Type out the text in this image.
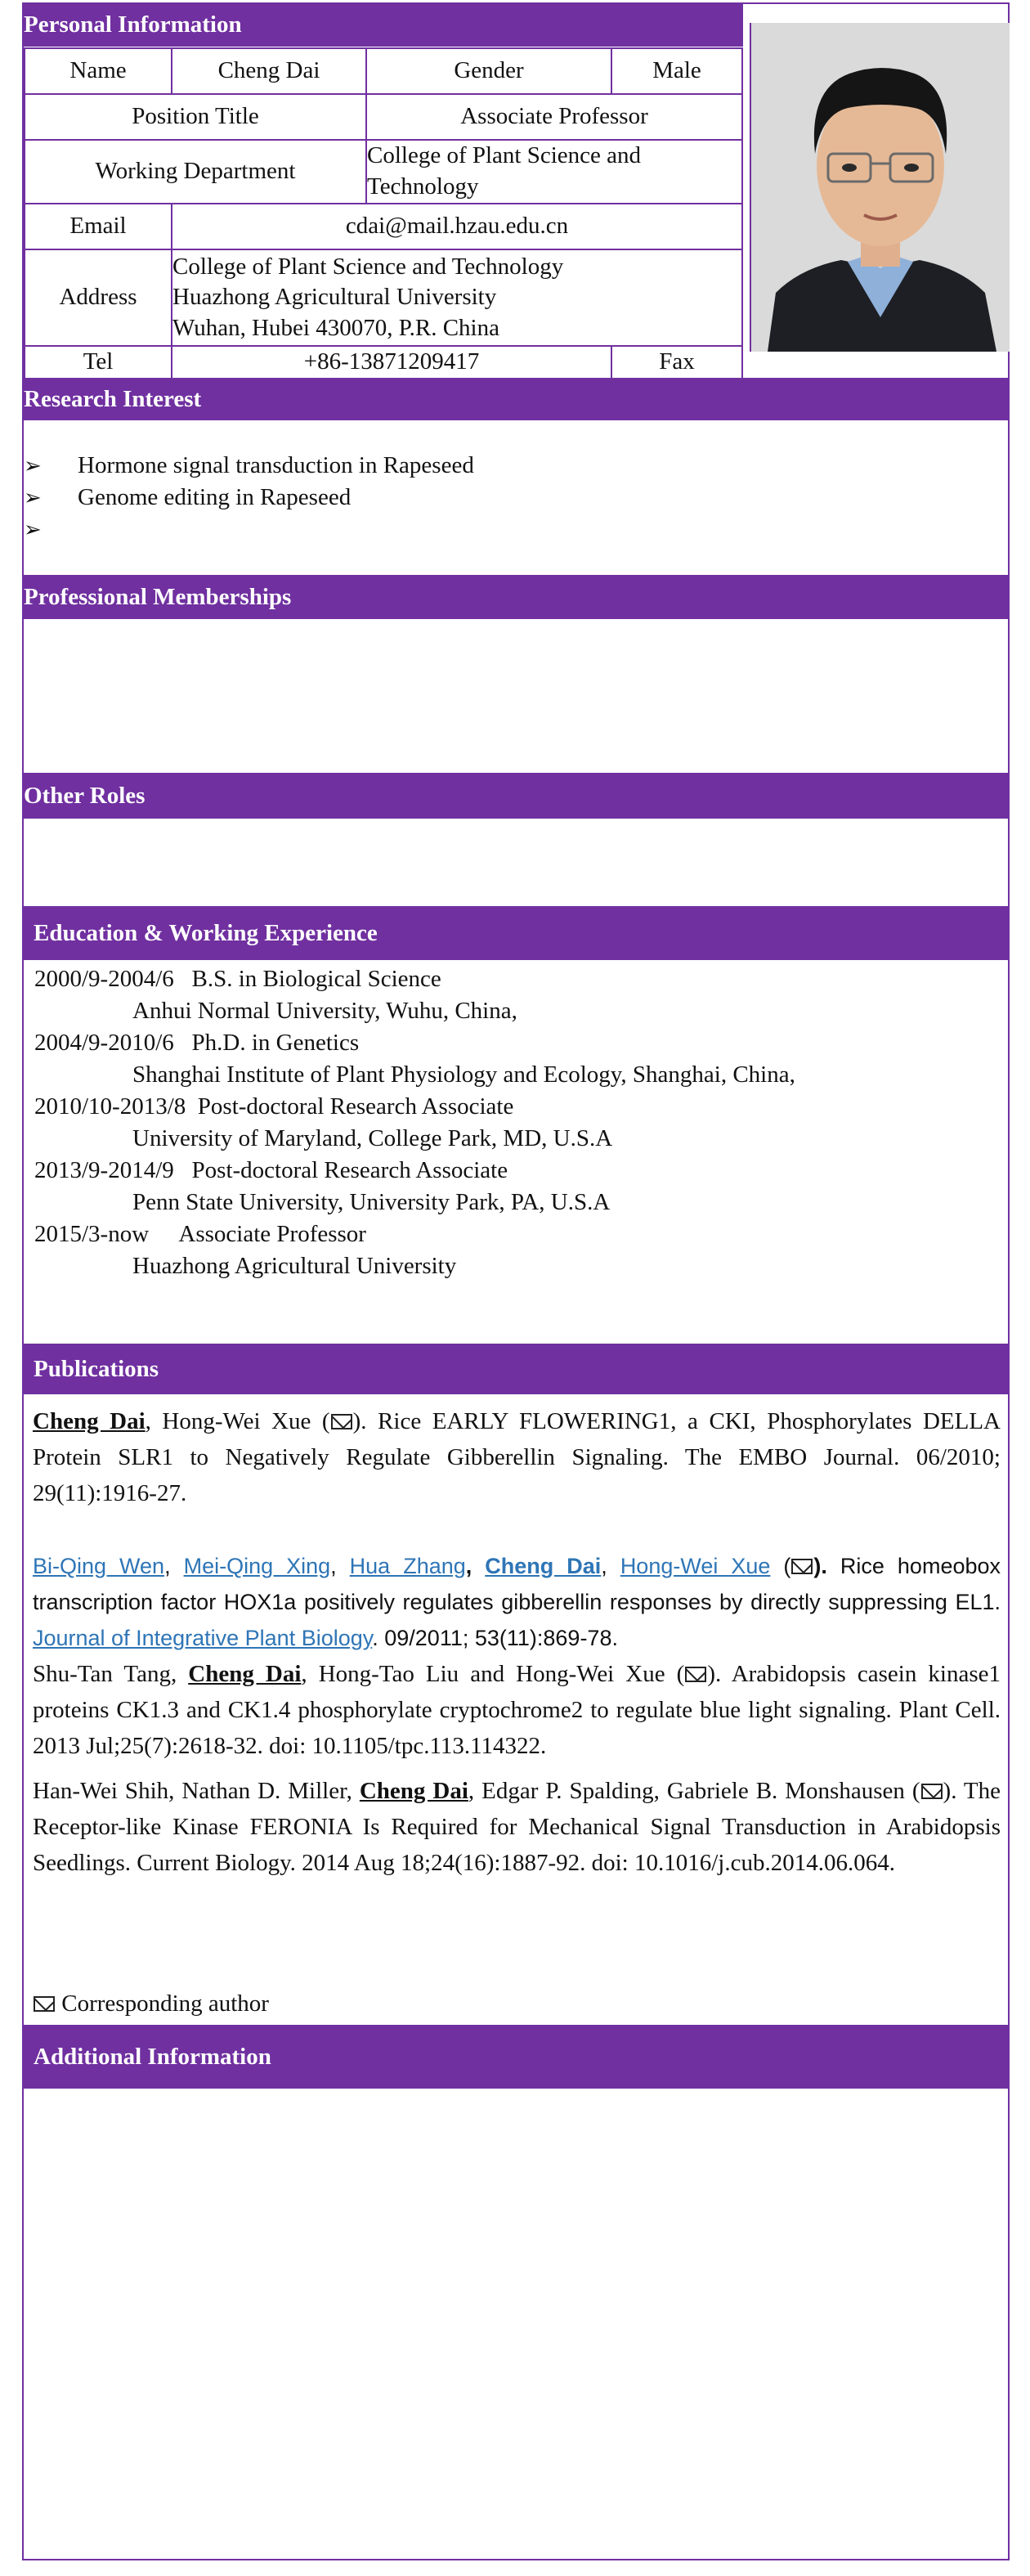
Personal Information
Name	Cheng Dai	Gender	Male
Position Title		Associate Professor	
Working Department		College of Plant Science and Technology	
Email	cdai@mail.hzau.edu.cn		
Address	College of Plant Science and Technology
Huazhong Agricultural University
Wuhan, Hubei 430070, P.R. China		

Tel	+86-13871209417		Fax
Research Interest
➢	Hormone signal transduction in Rapeseed
➢	Genome editing in Rapeseed
➢
Professional Memberships
Other Roles
Education & Working Experience
2000/9-2004/6 B.S. in Biological Science
Anhui Normal University, Wuhu, China,
2004/9-2010/6 Ph.D. in Genetics
Shanghai Institute of Plant Physiology and Ecology, Shanghai, China,
2010/10-2013/8 Post-doctoral Research Associate
University of Maryland, College Park, MD, U.S.A
2013/9-2014/9 Post-doctoral Research Associate
Penn State University, University Park, PA, U.S.A
2015/3-now Associate Professor
Huazhong Agricultural University
Publications
Cheng Dai, Hong-Wei Xue ( ). Rice EARLY FLOWERING1, a CKI, Phosphorylates DELLA Protein SLR1 to Negatively Regulate Gibberellin Signaling. The EMBO Journal. 06/2010; 29(11):1916-27.
Bi-Qing Wen, Mei-Qing Xing, Hua Zhang, Cheng Dai, Hong-Wei Xue ( ). Rice homeobox transcription factor HOX1a positively regulates gibberellin responses by directly suppressing EL1. Journal of Integrative Plant Biology. 09/2011; 53(11):869-78.
Shu-Tan Tang, Cheng Dai, Hong-Tao Liu and Hong-Wei Xue ( ). Arabidopsis casein kinase1 proteins CK1.3 and CK1.4 phosphorylate cryptochrome2 to regulate blue light signaling. Plant Cell. 2013 Jul;25(7):2618-32. doi: 10.1105/tpc.113.114322.
Han-Wei Shih, Nathan D. Miller, Cheng Dai, Edgar P. Spalding, Gabriele B. Monshausen ( ). The Receptor-like Kinase FERONIA Is Required for Mechanical Signal Transduction in Arabidopsis Seedlings. Current Biology. 2014 Aug 18;24(16):1887-92. doi: 10.1016/j.cub.2014.06.064.
Corresponding author
Additional Information
